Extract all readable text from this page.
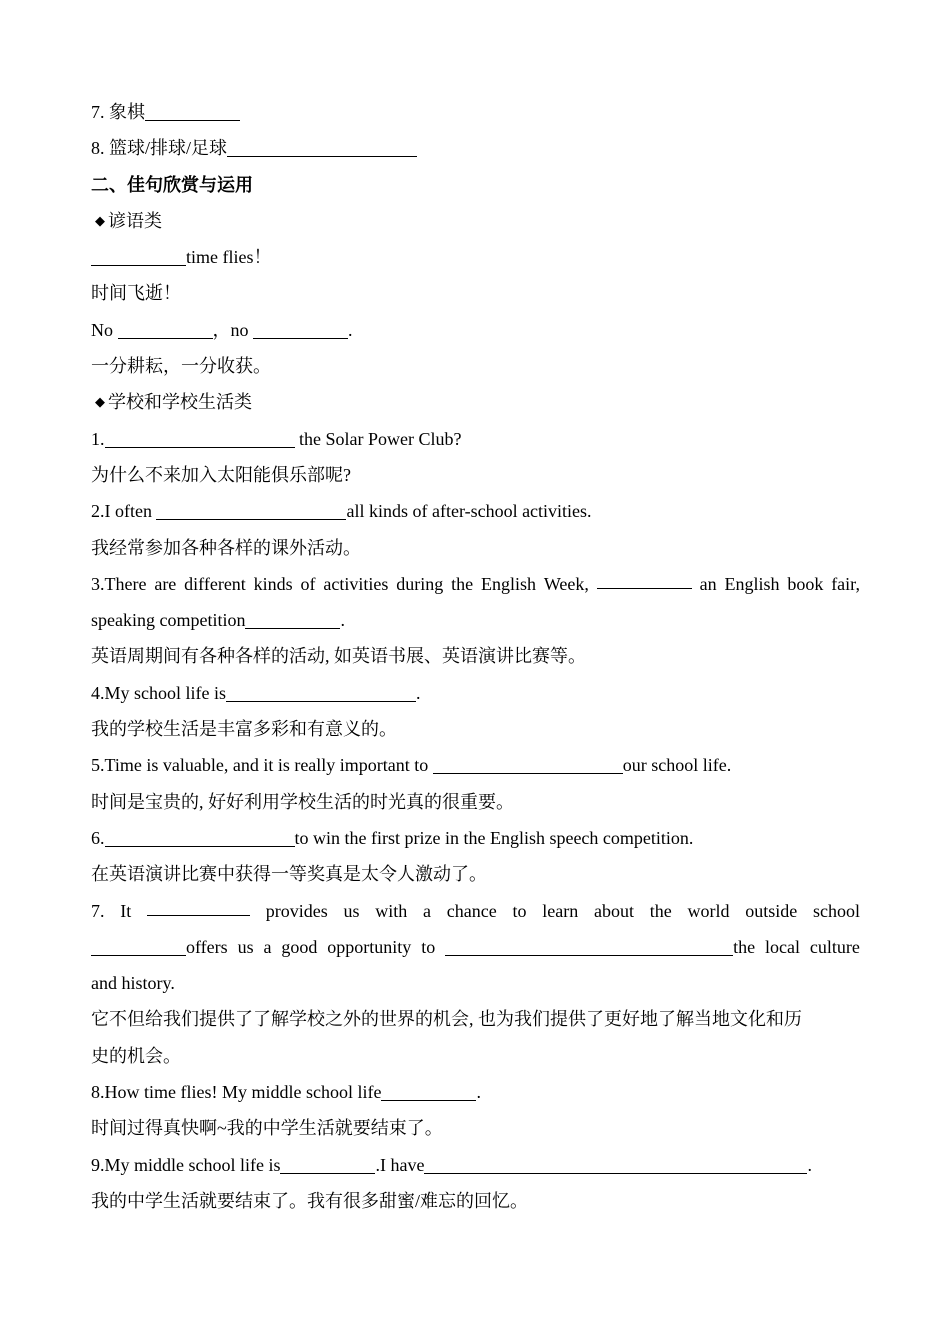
7. 象棋
8. 篮球/排球/足球
二、佳句欣赏与运用
◆ 谚语类
time flies！
时间飞逝！
No	，no	.
一分耕耘，一分收获。
◆ 学校和学校生活类
1.	the Solar Power Club?
为什么不来加入太阳能俱乐部呢?
2.I often	all kinds of after-school activities.
我经常参加各种各样的课外活动。
3.There are different kinds of activities during the English Week,	an English book fair,
speaking competition	.
英语周期间有各种各样的活动, 如英语书展、英语演讲比赛等。
4.My school life is	.
我的学校生活是丰富多彩和有意义的。
5.Time is valuable, and it is really important to	our school life.
时间是宝贵的, 好好利用学校生活的时光真的很重要。
6.	to win the first prize in the English speech competition.
在英语演讲比赛中获得一等奖真是太令人激动了。
7. It	provides us with a chance to learn about the world outside school
offers us a good opportunity to	the local culture
and history.
它不但给我们提供了了解学校之外的世界的机会, 也为我们提供了更好地了解当地文化和历
史的机会。
8.How time flies! My middle school life	.
时间过得真快啊~我的中学生活就要结束了。
9.My middle school life is	.I have	.
我的中学生活就要结束了。我有很多甜蜜/难忘的回忆。
